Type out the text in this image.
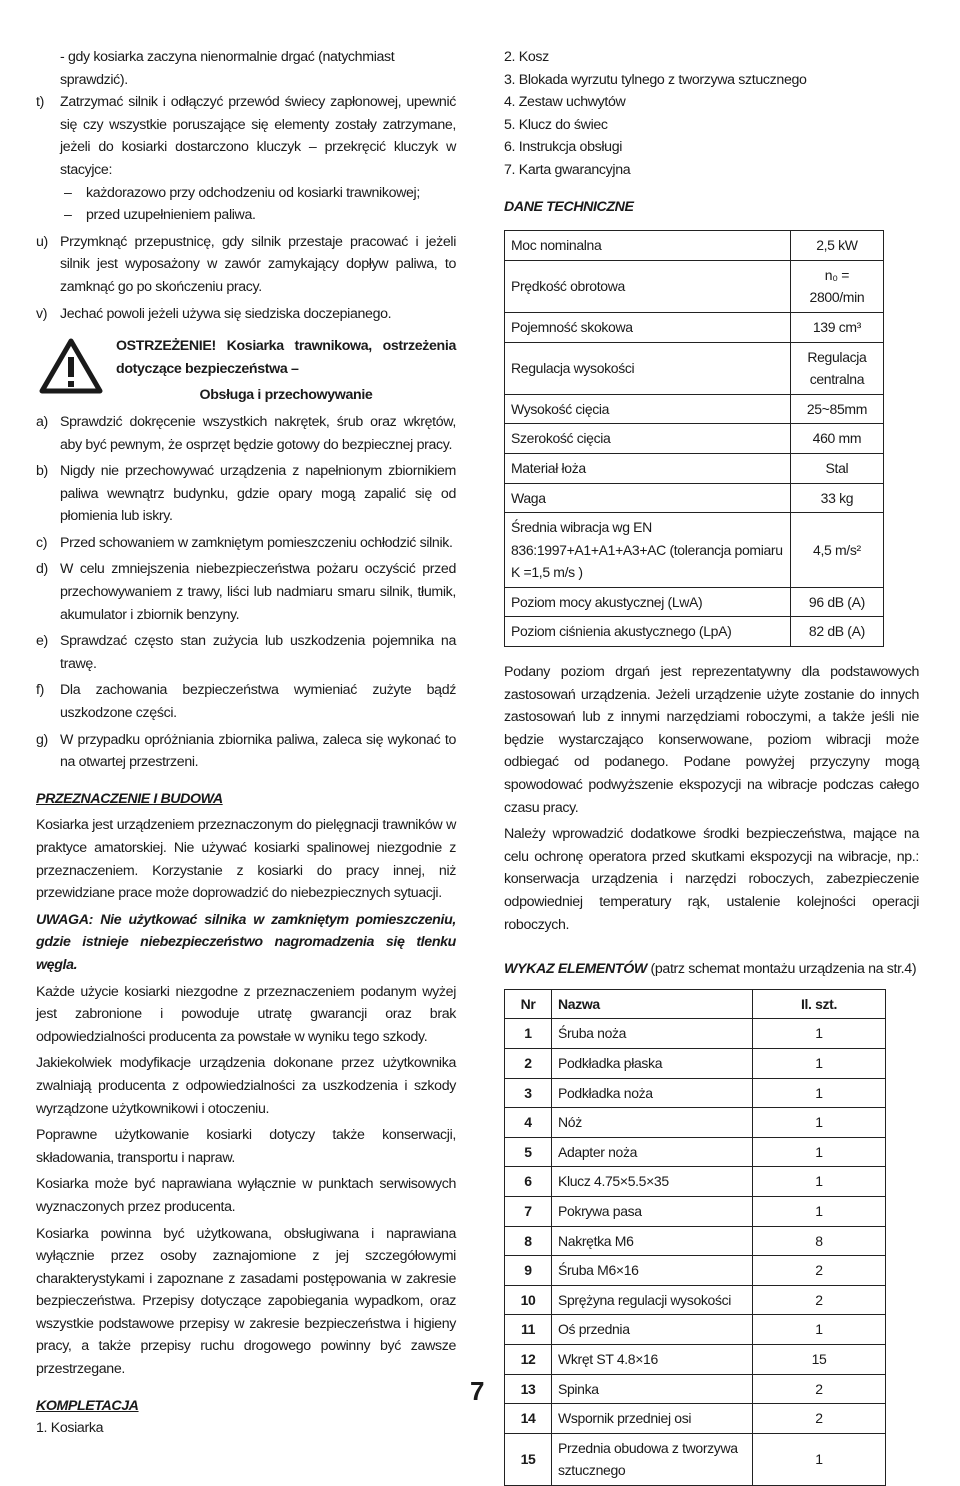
- gdy kosiarka zaczyna nienormalnie drgać (natychmiast sprawdzić).

t)	Zatrzymać silnik i odłączyć przewód świecy zapłonowej, upewnić się czy wszystkie poruszające się elementy zostały zatrzymane, jeżeli do kosiarki dostarczono kluczyk – przekręcić kluczyk w stacyjce:
–	każdorazowo przy odchodzeniu od kosiarki trawnikowej;
–	przed uzupełnieniem paliwa.
u) Przymknąć przepustnicę, gdy silnik przestaje pracować i jeżeli silnik jest wyposażony w zawór zamykający dopływ paliwa, to zamknąć go po skończeniu pracy.
v) Jechać powoli jeżeli używa się siedziska doczepianego.

OSTRZEŻENIE! Kosiarka trawnikowa, ostrzeżenia dotyczące bezpieczeństwa –

Obsługa i przechowywanie

a) Sprawdzić dokręcenie wszystkich nakrętek, śrub oraz wkrętów, aby być pewnym, że osprzęt będzie gotowy do bezpiecznej pracy.
b) Nigdy nie przechowywać urządzenia z napełnionym zbiornikiem paliwa wewnątrz budynku, gdzie opary mogą zapalić się od płomienia lub iskry.
c) Przed schowaniem w zamkniętym pomieszczeniu ochłodzić silnik.
d) W celu zmniejszenia niebezpieczeństwa pożaru oczyścić przed przechowywaniem z trawy, liści lub nadmiaru smaru silnik, tłumik, akumulator i zbiornik benzyny.
e) Sprawdzać często stan zużycia lub uszkodzenia pojemnika na trawę.
f)	Dla zachowania bezpieczeństwa wymieniać zużyte bądź uszkodzone części.
g) W przypadku opróżniania zbiornika paliwa, zaleca się wykonać to na otwartej przestrzeni.

PRZEZNACZENIE I BUDOWA

Kosiarka jest urządzeniem przeznaczonym do pielęgnacji trawników w praktyce amatorskiej. Nie używać kosiarki spalinowej niezgodnie z przeznaczeniem. Korzystanie z kosiarki do pracy innej, niż przewidziane prace może doprowadzić do niebezpiecznych sytuacji.

UWAGA: Nie użytkować silnika w zamkniętym pomieszczeniu, gdzie istnieje niebezpieczeństwo nagromadzenia się tlenku węgla.

Każde użycie kosiarki niezgodne z przeznaczeniem podanym wyżej jest zabronione i powoduje utratę gwarancji oraz brak odpowiedzialności producenta za powstałe w wyniku tego szkody.

Jakiekolwiek modyfikacje urządzenia dokonane przez użytkownika zwalniają producenta z odpowiedzialności za uszkodzenia i szkody wyrządzone użytkownikowi i otoczeniu.

Poprawne użytkowanie kosiarki dotyczy także konserwacji, składowania, transportu i napraw.

Kosiarka może być naprawiana wyłącznie w punktach serwisowych wyznaczonych przez producenta.

Kosiarka powinna być użytkowana, obsługiwana i naprawiana wyłącznie przez osoby zaznajomione z jej szczegółowymi charakterystykami i zapoznane z zasadami postępowania w zakresie bezpieczeństwa. Przepisy dotyczące zapobiegania wypadkom, oraz wszystkie podstawowe przepisy w zakresie bezpieczeństwa i higieny pracy, a także przepisy ruchu drogowego powinny być zawsze przestrzegane.

KOMPLETACJA

1. Kosiarka

2. Kosz

3. Blokada wyrzutu tylnego z tworzywa sztucznego

4. Zestaw uchwytów

5. Klucz do świec

6. Instrukcja obsługi

7. Karta gwarancyjna

DANE TECHNICZNE

Moc nominalna	2,5 kW
Prędkość obrotowa	n₀ = 2800/min
Pojemność skokowa	139 cm³
Regulacja wysokości	Regulacja centralna
Wysokość cięcia	25~85mm
Szerokość cięcia	460 mm
Materiał łoża	Stal
Waga	33 kg
Średnia wibracja wg EN 836:1997+A1+A1+A3+AC (tolerancja pomiaru K =1,5 m/s )	4,5 m/s²
Poziom mocy akustycznej (LwA)	96 dB (A)
Poziom ciśnienia akustycznego (LpA)	82 dB (A)

Podany poziom drgań jest reprezentatywny dla podstawowych zastosowań urządzenia. Jeżeli urządzenie użyte zostanie do innych zastosowań lub z innymi narzędziami roboczymi, a także jeśli nie będzie wystarczająco konserwowane, poziom wibracji może odbiegać od podanego. Podane powyżej przyczyny mogą spowodować podwyższenie ekspozycji na wibracje podczas całego czasu pracy.

Należy wprowadzić dodatkowe środki bezpieczeństwa, mające na celu ochronę operatora przed skutkami ekspozycji na wibracje, np.: konserwacja urządzenia i narzędzi roboczych, zabezpieczenie odpowiedniej temperatury rąk, ustalenie kolejności operacji roboczych.

WYKAZ ELEMENTÓW (patrz schemat montażu urządzenia na str.4)

Nr	Nazwa	Il. szt.
1	Śruba noża	1
2	Podkładka płaska	1
3	Podkładka noża	1
4	Nóż	1
5	Adapter noża	1
6	Klucz 4.75×5.5×35	1
7	Pokrywa pasa	1
8	Nakrętka M6	8
9	Śruba M6×16	2
10	Sprężyna regulacji wysokości	2
11	Oś przednia	1
12	Wkręt ST 4.8×16	15
13	Spinka	2
14	Wspornik przedniej osi	2
15	Przednia obudowa z tworzywa sztucznego	1
7
